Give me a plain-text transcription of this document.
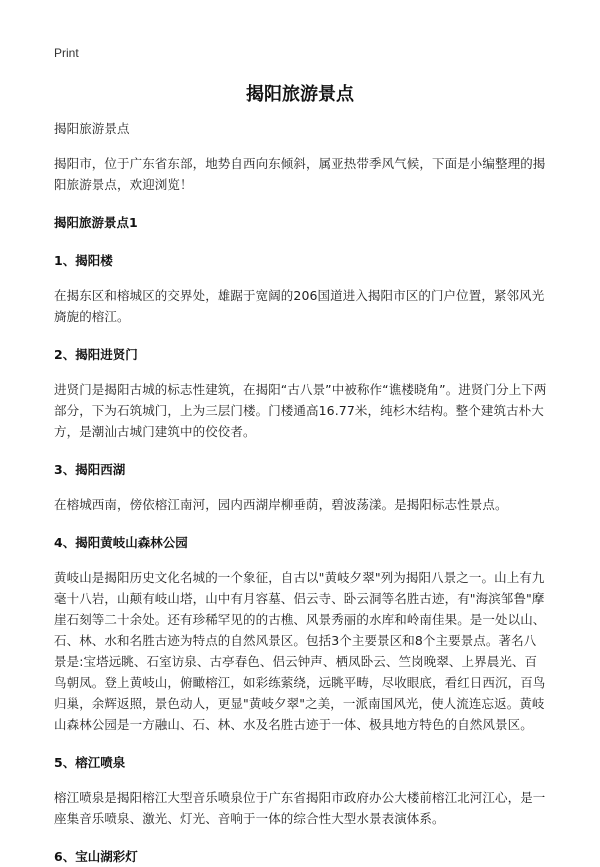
Print
揭阳旅游景点

揭阳旅游景点

揭阳市，位于广东省东部，地势自西向东倾斜，属亚热带季风气候，下面是小编整理的揭阳旅游景点，欢迎浏览！

揭阳旅游景点1
1、揭阳楼

在揭东区和榕城区的交界处，雄踞于宽阔的206国道进入揭阳市区的门户位置，紧邻风光旖旎的榕江。

2、揭阳进贤门

进贤门是揭阳古城的标志性建筑，在揭阳“古八景”中被称作“谯楼晓角”。进贤门分上下两部分，下为石筑城门，上为三层门楼。门楼通高16.77米，纯杉木结构。整个建筑古朴大方，是潮汕古城门建筑中的佼佼者。

3、揭阳西湖

在榕城西南，傍依榕江南河，园内西湖岸柳垂荫，碧波荡漾。是揭阳标志性景点。

4、揭阳黄岐山森林公园

黄岐山是揭阳历史文化名城的一个象征，自古以"黄岐夕翠"列为揭阳八景之一。山上有九毫十八岩，山颠有岐山塔，山中有月容墓、侣云寺、卧云洞等名胜古迹，有"海滨邹鲁"摩崖石刻等二十余处。还有珍稀罕见的的古樵、风景秀丽的水库和岭南佳果。是一处以山、石、林、水和名胜古迹为特点的自然风景区。包括3个主要景区和8个主要景点。著名八景是:宝塔远眺、石室访泉、古亭春色、侣云钟声、栖凤卧云、竺岗晚翠、上界晨光、百鸟朝凤。登上黄岐山，俯瞰榕江，如彩练萦绕，远眺平畴，尽收眼底，看红日西沉，百鸟归巢，余辉返照，景色动人，更显"黄岐夕翠"之美，一派南国风光，使人流连忘返。黄岐山森林公园是一方融山、石、林、水及名胜古迹于一体、极具地方特色的自然风景区。

5、榕江喷泉

榕江喷泉是揭阳榕江大型音乐喷泉位于广东省揭阳市政府办公大楼前榕江北河江心，是一座集音乐喷泉、激光、灯光、音响于一体的综合性大型水景表演体系。

6、宝山湖彩灯
